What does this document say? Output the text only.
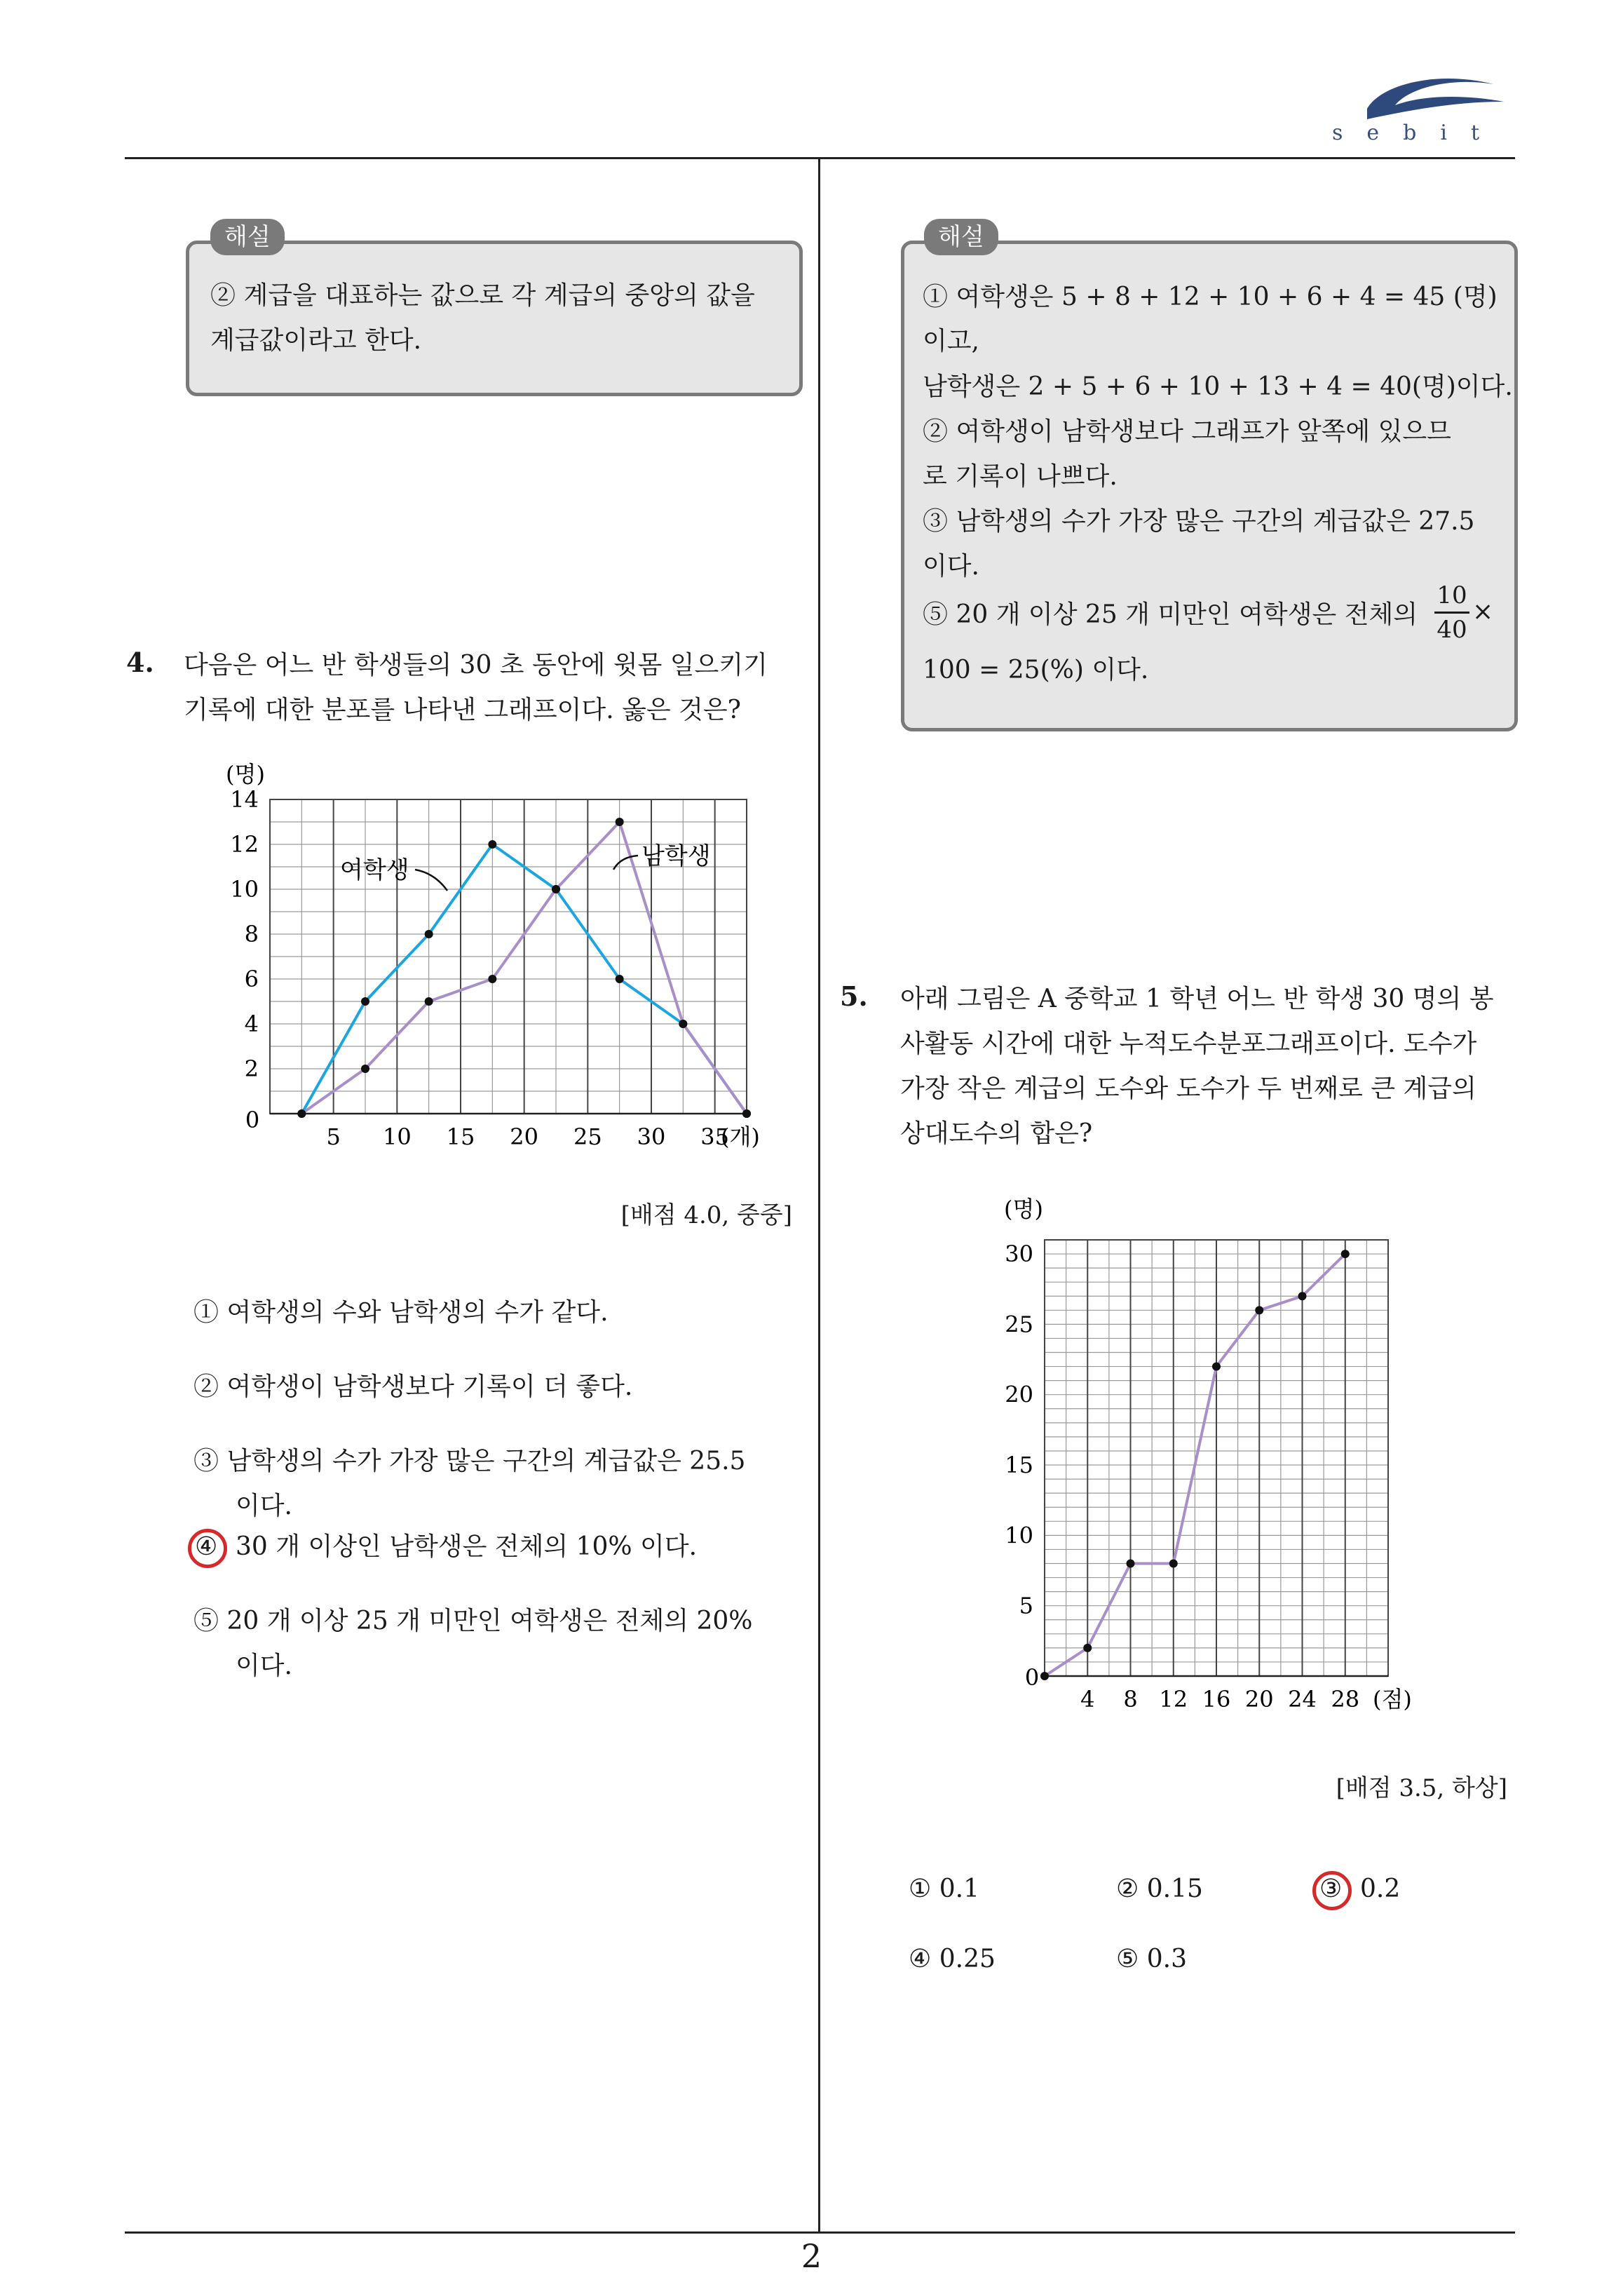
sebit
해설
② 계급을 대표하는 값으로 각 계급의 중앙의 값을
계급값이라고 한다.
해설
① 여학생은 5 + 8 + 12 + 10 + 6 + 4 = 45 (명)
이고,
남학생은 2 + 5 + 6 + 10 + 13 + 4 = 40(명)이다.
② 여학생이 남학생보다 그래프가 앞쪽에 있으므
로 기록이 나쁘다.
③ 남학생의 수가 가장 많은 구간의 계급값은 27.5
이다.
⑤ 20 개 이상 25 개 미만인 여학생은 전체의 $\frac{10}{40}$ ×
100 = 25(%) 이다.
4. 다음은 어느 반 학생들의 30 초 동안에 윗몸 일으키기
기록에 대한 분포를 나타낸 그래프이다. 옳은 것은?
5 10 15 20 25 30 35
2
4
6
8
10
12
14
0
(명)
(개)
여학생	남학생
[배점 4.0, 중중]
① 여학생의 수와 남학생의 수가 같다.
② 여학생이 남학생보다 기록이 더 좋다.
③ 남학생의 수가 가장 많은 구간의 계급값은 25.5
이다.
④ 30 개 이상인 남학생은 전체의 10% 이다.
⑤ 20 개 이상 25 개 미만인 여학생은 전체의 20%
이다.
5. 아래 그림은 A 중학교 1 학년 어느 반 학생 30 명의 봉
사활동 시간에 대한 누적도수분포그래프이다. 도수가
가장 작은 계급의 도수와 도수가 두 번째로 큰 계급의
상대도수의 합은?
4 8 12 16 20 24 28
5
10
15
20
25
30
0
(명)
(점)
[배점 3.5, 하상]
① 0.1	② 0.15	③ 0.2
④ 0.25	⑤ 0.3
2
